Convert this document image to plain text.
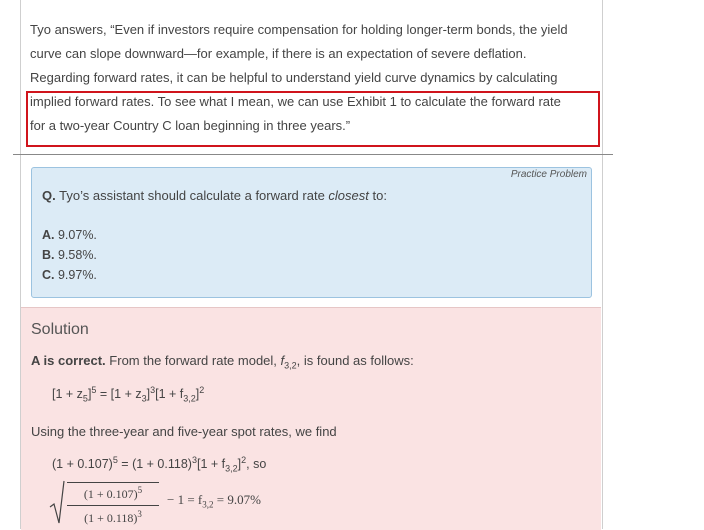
Tyo answers, “Even if investors require compensation for holding longer-term bonds, the yield

curve can slope downward—for example, if there is an expectation of severe deflation.

Regarding forward rates, it can be helpful to understand yield curve dynamics by calculating

implied forward rates. To see what I mean, we can use Exhibit 1 to calculate the forward rate

for a two-year Country C loan beginning in three years.”

Practice Problem
Q. Tyo’s assistant should calculate a forward rate closest to:
A. 9.07%.
B. 9.58%.
C. 9.97%.
Solution
A is correct. From the forward rate model, $f_{3,2}$, is found as follows:
$[1 + z_5]^5 = [1 + z_3]^3[1 + f_{3,2}]^2$
Using the three-year and five-year spot rates, we find
$(1 + 0.107)^5 = (1 + 0.118)^3[1 + f_{3,2}]^2$, so
$\frac{(1 + 0.107)^5}{(1 + 0.118)^3} - 1 = f_{3,2} = 9.07\%$
